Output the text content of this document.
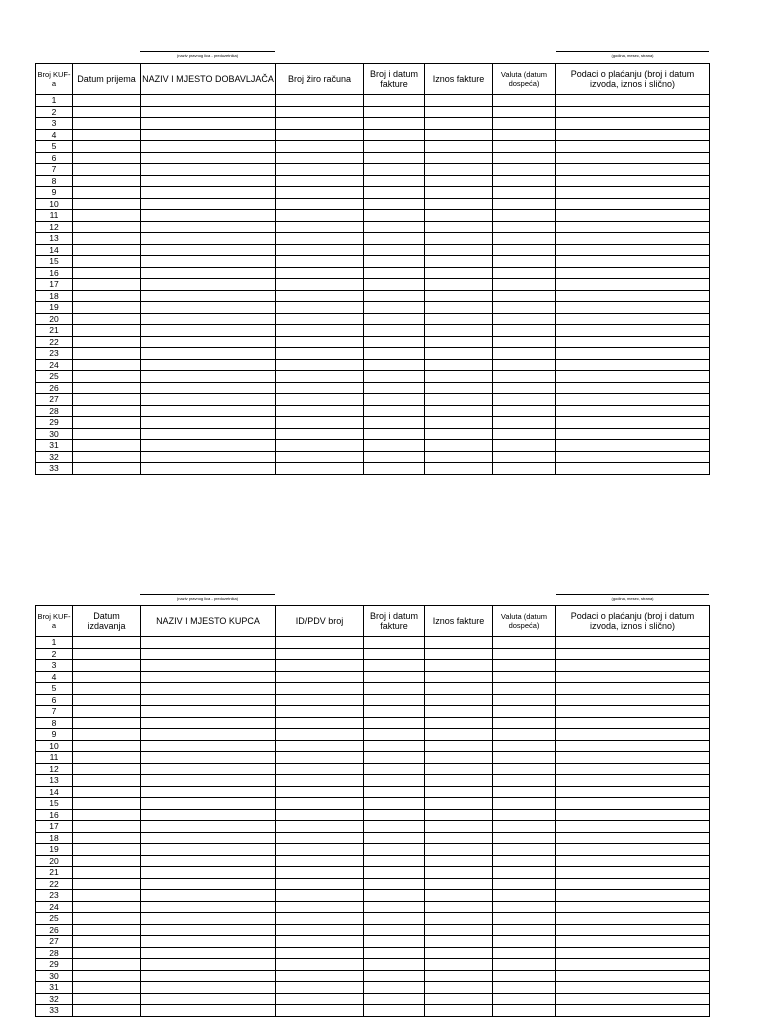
(naziv pravnog lica - preduzetnika)	(godina, mesec, strana)
Broj KUF-a	Datum prijema	NAZIV I MJESTO DOBAVLJAČA	Broj žiro računa	Broj i datum fakture	Iznos fakture	Valuta (datum dospeća)	Podaci o plaćanju (broj i datum izvoda, iznos i slično)
1							
2							
3							
4							
5							
6							
7							
8							
9							
10							
11							
12							
13							
14							
15							
16							
17							
18							
19							
20							
21							
22							
23							
24							
25							
26							
27							
28							
29							
30							
31							
32							
33							
(naziv pravnog lica - preduzetnika)	(godina, mesec, strana)
Broj KUF-a	Datum izdavanja	NAZIV I MJESTO KUPCA	ID/PDV broj	Broj i datum fakture	Iznos fakture	Valuta (datum dospeća)	Podaci o plaćanju (broj i datum izvoda, iznos i slično)
1							
2							
3							
4							
5							
6							
7							
8							
9							
10							
11							
12							
13							
14							
15							
16							
17							
18							
19							
20							
21							
22							
23							
24							
25							
26							
27							
28							
29							
30							
31							
32							
33							
